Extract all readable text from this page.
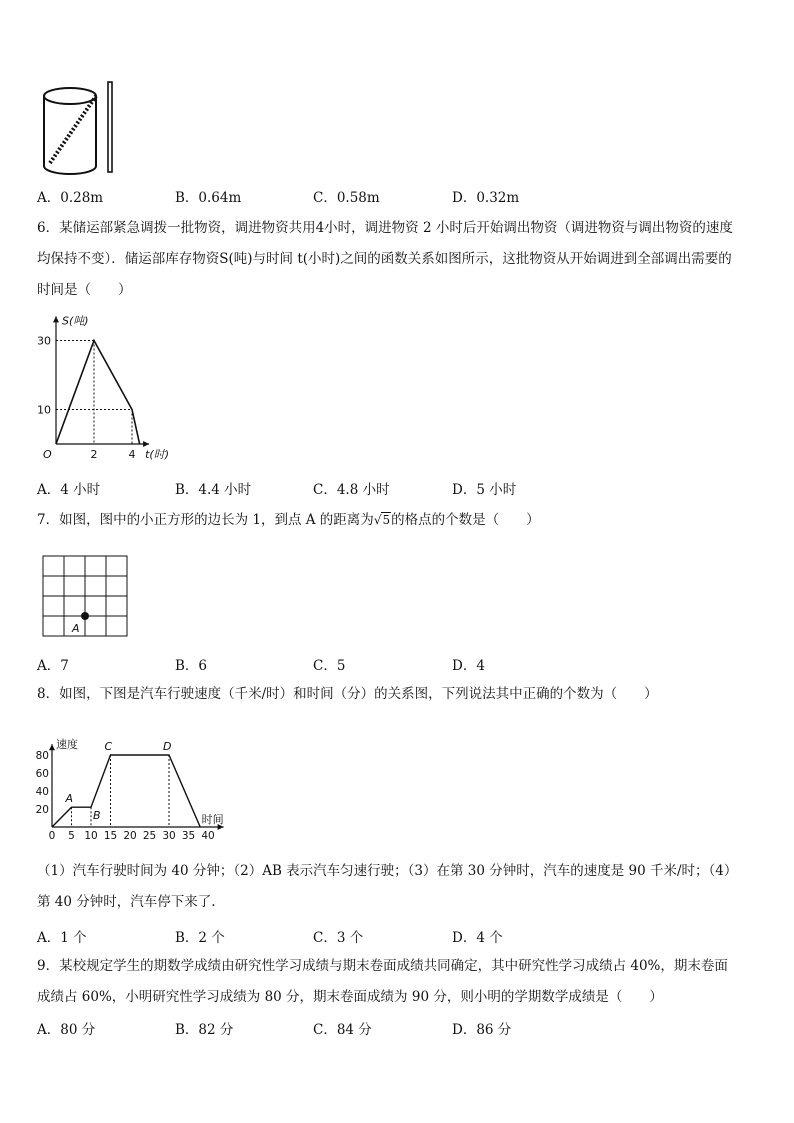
A．0.28m	B．0.64m	C．0.58m	D．0.32m
6．某储运部紧急调拨一批物资，调进物资共用4小时，调进物资 2 小时后开始调出物资（调进物资与调出物资的速度
均保持不变）．储运部库存物资S(吨)与时间 t(小时)之间的函数关系如图所示，这批物资从开始调进到全部调出需要的
时间是（　　）
S(吨)
t(时)
O
10
30
2	4
A．4 小时	B．4.4 小时	C．4.8 小时	D．5 小时
7．如图，图中的小正方形的边长为 1，到点 A 的距离为√5的格点的个数是（　　）
A
A．7	B．6	C．5	D．4
8．如图，下图是汽车行驶速度（千米/时）和时间（分）的关系图，下列说法其中正确的个数为（　　）
速度
时间
20
40
60
80
0 5 10 15 20 25 30 35 40
A
B
C	D
（1）汽车行驶时间为 40 分钟；（2）AB 表示汽车匀速行驶；（3）在第 30 分钟时，汽车的速度是 90 千米/时；（4）
第 40 分钟时，汽车停下来了.
A．1 个	B．2 个	C．3 个	D．4 个
9．某校规定学生的期数学成绩由研究性学习成绩与期末卷面成绩共同确定，其中研究性学习成绩占 40%，期末卷面
成绩占 60%，小明研究性学习成绩为 80 分，期末卷面成绩为 90 分，则小明的学期数学成绩是（　　）
A．80 分	B．82 分	C．84 分	D．86 分
